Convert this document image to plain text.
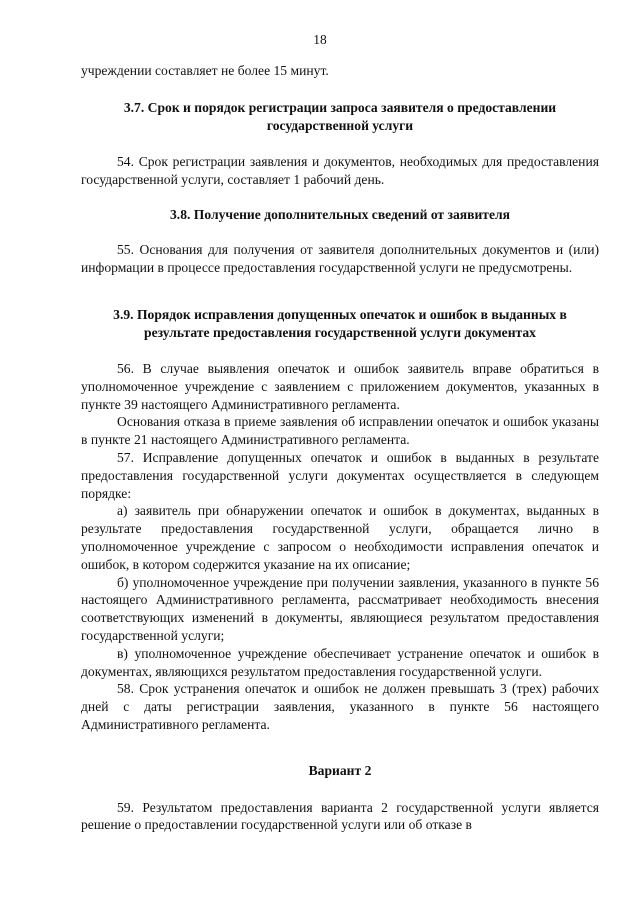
18

учреждении составляет не более 15 минут.

3.7. Срок и порядок регистрации запроса заявителя о предоставлении государственной услуги

54. Срок регистрации заявления и документов, необходимых для предоставления государственной услуги, составляет 1 рабочий день.

3.8. Получение дополнительных сведений от заявителя

55. Основания для получения от заявителя дополнительных документов и (или) информации в процессе предоставления государственной услуги не предусмотрены.

3.9. Порядок исправления допущенных опечаток и ошибок в выданных в результате предоставления государственной услуги документах

56. В случае выявления опечаток и ошибок заявитель вправе обратиться в уполномоченное учреждение с заявлением с приложением документов, указанных в пункте 39 настоящего Административного регламента.

Основания отказа в приеме заявления об исправлении опечаток и ошибок указаны в пункте 21 настоящего Административного регламента.

57. Исправление допущенных опечаток и ошибок в выданных в результате предоставления государственной услуги документах осуществляется в следующем порядке:

а) заявитель при обнаружении опечаток и ошибок в документах, выданных в результате предоставления государственной услуги, обращается лично в уполномоченное учреждение с запросом о необходимости исправления опечаток и ошибок, в котором содержится указание на их описание;

б) уполномоченное учреждение при получении заявления, указанного в пункте 56 настоящего Административного регламента, рассматривает необходимость внесения соответствующих изменений в документы, являющиеся результатом предоставления государственной услуги;

в) уполномоченное учреждение обеспечивает устранение опечаток и ошибок в документах, являющихся результатом предоставления государственной услуги.

58. Срок устранения опечаток и ошибок не должен превышать 3 (трех) рабочих дней с даты регистрации заявления, указанного в пункте 56 настоящего Административного регламента.

Вариант 2

59. Результатом предоставления варианта 2 государственной услуги является решение о предоставлении государственной услуги или об отказе в
